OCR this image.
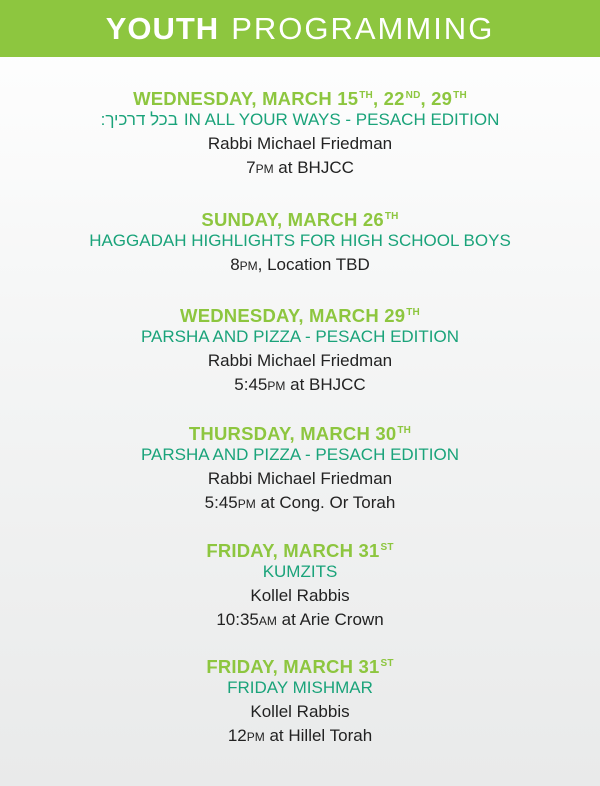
YOUTH PROGRAMMING
WEDNESDAY, MARCH 15TH, 22ND, 29TH
בכל דרכיך: IN ALL YOUR WAYS - PESACH EDITION
Rabbi Michael Friedman
7PM at BHJCC
SUNDAY, MARCH 26TH
HAGGADAH HIGHLIGHTS FOR HIGH SCHOOL BOYS
8PM, Location TBD
WEDNESDAY, MARCH 29TH
PARSHA AND PIZZA - PESACH EDITION
Rabbi Michael Friedman
5:45PM at BHJCC
THURSDAY, MARCH 30TH
PARSHA AND PIZZA - PESACH EDITION
Rabbi Michael Friedman
5:45PM at Cong. Or Torah
FRIDAY, MARCH 31ST
KUMZITS
Kollel Rabbis
10:35AM at Arie Crown
FRIDAY, MARCH 31ST
FRIDAY MISHMAR
Kollel Rabbis
12PM at Hillel Torah
